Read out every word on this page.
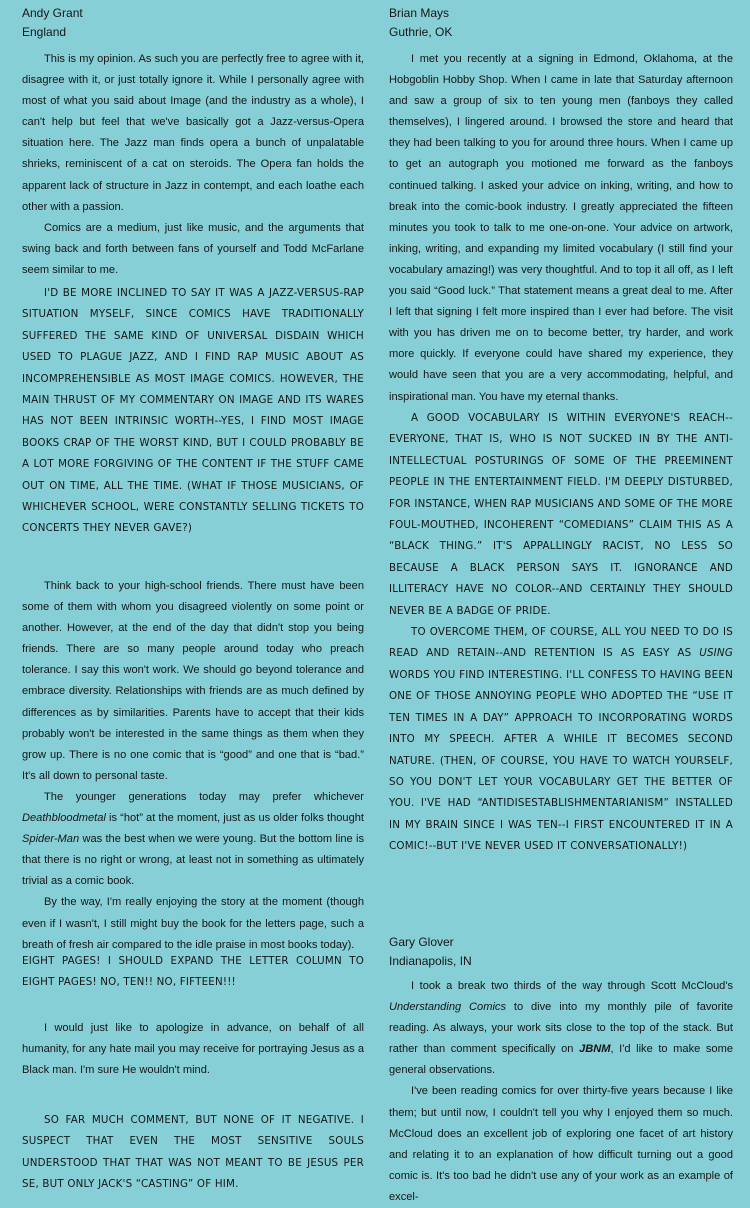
Andy Grant
England

This is my opinion. As such you are perfectly free to agree with it, disagree with it, or just totally ignore it. While I personally agree with most of what you said about Image (and the industry as a whole), I can't help but feel that we've basically got a Jazz-versus-Opera situation here. The Jazz man finds opera a bunch of unpalatable shrieks, reminiscent of a cat on steroids. The Opera fan holds the apparent lack of structure in Jazz in contempt, and each loathe each other with a passion.

Comics are a medium, just like music, and the arguments that swing back and forth between fans of yourself and Todd McFarlane seem similar to me.

I'D BE MORE INCLINED TO SAY IT WAS A JAZZ-VERSUS-RAP SITUATION MYSELF, SINCE COMICS HAVE TRADITIONALLY SUFFERED THE SAME KIND OF UNIVERSAL DISDAIN WHICH USED TO PLAGUE JAZZ, AND I FIND RAP MUSIC ABOUT AS INCOMPREHENSIBLE AS MOST IMAGE COMICS. HOWEVER, THE MAIN THRUST OF MY COMMENTARY ON IMAGE AND ITS WARES HAS NOT BEEN INTRINSIC WORTH--YES, I FIND MOST IMAGE BOOKS CRAP OF THE WORST KIND, BUT I COULD PROBABLY BE A LOT MORE FORGIVING OF THE CONTENT IF THE STUFF CAME OUT ON TIME, ALL THE TIME. (WHAT IF THOSE MUSICIANS, OF WHICHEVER SCHOOL, WERE CONSTANTLY SELLING TICKETS TO CONCERTS THEY NEVER GAVE?)

Think back to your high-school friends. There must have been some of them with whom you disagreed violently on some point or another. However, at the end of the day that didn't stop you being friends. There are so many people around today who preach tolerance. I say this won't work. We should go beyond tolerance and embrace diversity. Relationships with friends are as much defined by differences as by similarities. Parents have to accept that their kids probably won't be interested in the same things as them when they grow up. There is no one comic that is “good” and one that is “bad.” It's all down to personal taste.

The younger generations today may prefer whichever Deathbloodmetal is “hot” at the moment, just as us older folks thought Spider-Man was the best when we were young. But the bottom line is that there is no right or wrong, at least not in something as ultimately trivial as a comic book.

By the way, I'm really enjoying the story at the moment (though even if I wasn't, I still might buy the book for the letters page, such a breath of fresh air compared to the idle praise in most books today).

EIGHT PAGES! I SHOULD EXPAND THE LETTER COLUMN TO EIGHT PAGES! NO, TEN!! NO, FIFTEEN!!!

I would just like to apologize in advance, on behalf of all humanity, for any hate mail you may receive for portraying Jesus as a Black man. I'm sure He wouldn't mind.

SO FAR MUCH COMMENT, BUT NONE OF IT NEGATIVE. I SUSPECT THAT EVEN THE MOST SENSITIVE SOULS UNDERSTOOD THAT THAT WAS NOT MEANT TO BE JESUS PER SE, BUT ONLY JACK'S “CASTING” OF HIM.

Brian Mays
Guthrie, OK

I met you recently at a signing in Edmond, Oklahoma, at the Hobgoblin Hobby Shop. When I came in late that Saturday afternoon and saw a group of six to ten young men (fanboys they called themselves), I lingered around. I browsed the store and heard that they had been talking to you for around three hours. When I came up to get an autograph you motioned me forward as the fanboys continued talking. I asked your advice on inking, writing, and how to break into the comic-book industry. I greatly appreciated the fifteen minutes you took to talk to me one-on-one. Your advice on artwork, inking, writing, and expanding my limited vocabulary (I still find your vocabulary amazing!) was very thoughtful. And to top it all off, as I left you said “Good luck.” That statement means a great deal to me. After I left that signing I felt more inspired than I ever had before. The visit with you has driven me on to become better, try harder, and work more quickly. If everyone could have shared my experience, they would have seen that you are a very accommodating, helpful, and inspirational man. You have my eternal thanks.

A GOOD VOCABULARY IS WITHIN EVERYONE'S REACH--EVERYONE, THAT IS, WHO IS NOT SUCKED IN BY THE ANTI-INTELLECTUAL POSTURINGS OF SOME OF THE PREEMINENT PEOPLE IN THE ENTERTAINMENT FIELD. I'M DEEPLY DISTURBED, FOR INSTANCE, WHEN RAP MUSICIANS AND SOME OF THE MORE FOUL-MOUTHED, INCOHERENT “COMEDIANS” CLAIM THIS AS A “BLACK THING.” IT'S APPALLINGLY RACIST, NO LESS SO BECAUSE A BLACK PERSON SAYS IT. IGNORANCE AND ILLITERACY HAVE NO COLOR--AND CERTAINLY THEY SHOULD NEVER BE A BADGE OF PRIDE.

TO OVERCOME THEM, OF COURSE, ALL YOU NEED TO DO IS READ AND RETAIN--AND RETENTION IS AS EASY AS USING WORDS YOU FIND INTERESTING. I'LL CONFESS TO HAVING BEEN ONE OF THOSE ANNOYING PEOPLE WHO ADOPTED THE “USE IT TEN TIMES IN A DAY” APPROACH TO INCORPORATING WORDS INTO MY SPEECH. AFTER A WHILE IT BECOMES SECOND NATURE. (THEN, OF COURSE, YOU HAVE TO WATCH YOURSELF, SO YOU DON'T LET YOUR VOCABULARY GET THE BETTER OF YOU. I'VE HAD “ANTIDISESTABLISHMENTARIANISM” INSTALLED IN MY BRAIN SINCE I WAS TEN--I FIRST ENCOUNTERED IT IN A COMIC!--BUT I'VE NEVER USED IT CONVERSATIONALLY!)

Gary Glover
Indianapolis, IN

I took a break two thirds of the way through Scott McCloud's Understanding Comics to dive into my monthly pile of favorite reading. As always, your work sits close to the top of the stack. But rather than comment specifically on JBNM, I'd like to make some general observations.

I've been reading comics for over thirty-five years because I like them; but until now, I couldn't tell you why I enjoyed them so much. McCloud does an excellent job of exploring one facet of art history and relating it to an explanation of how difficult turning out a good comic is. It's too bad he didn't use any of your work as an example of excel-
